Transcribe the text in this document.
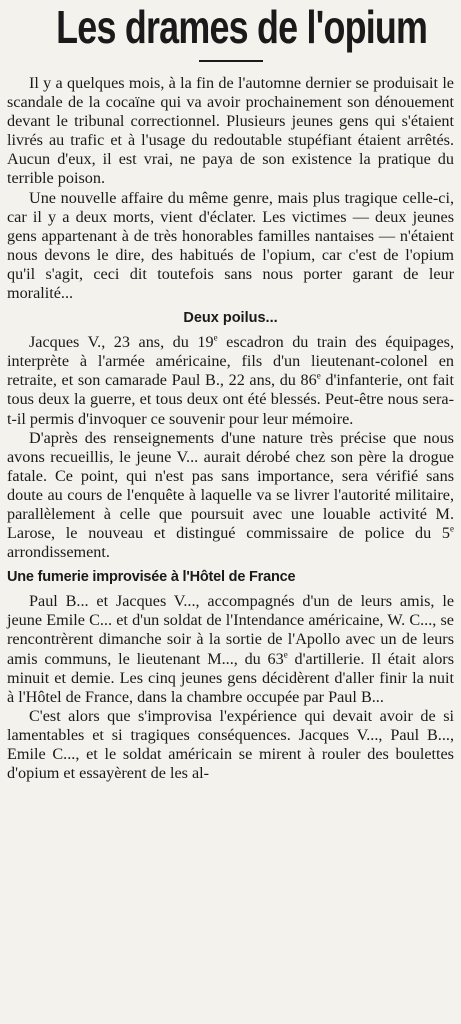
Les drames de l'opium

Il y a quelques mois, à la fin de l'automne dernier se produisait le scandale de la cocaïne qui va avoir prochainement son dénouement devant le tribunal correctionnel. Plusieurs jeunes gens qui s'étaient livrés au trafic et à l'usage du redoutable stupéfiant étaient arrêtés. Aucun d'eux, il est vrai, ne paya de son existence la pratique du terrible poison.

Une nouvelle affaire du même genre, mais plus tragique celle-ci, car il y a deux morts, vient d'éclater. Les victimes — deux jeunes gens appartenant à de très honorables familles nantaises — n'étaient nous devons le dire, des habitués de l'opium, car c'est de l'opium qu'il s'agit, ceci dit toutefois sans nous porter garant de leur moralité...

Deux poilus...

Jacques V., 23 ans, du 19e escadron du train des équipages, interprète à l'armée américaine, fils d'un lieutenant-colonel en retraite, et son camarade Paul B., 22 ans, du 86e d'infanterie, ont fait tous deux la guerre, et tous deux ont été blessés. Peut-être nous sera-t-il permis d'invoquer ce souvenir pour leur mémoire.

D'après des renseignements d'une nature très précise que nous avons recueillis, le jeune V... aurait dérobé chez son père la drogue fatale. Ce point, qui n'est pas sans importance, sera vérifié sans doute au cours de l'enquête à laquelle va se livrer l'autorité militaire, parallèlement à celle que poursuit avec une louable activité M. Larose, le nouveau et distingué commissaire de police du 5e arrondissement.

Une fumerie improvisée à l'Hôtel de France

Paul B... et Jacques V..., accompagnés d'un de leurs amis, le jeune Emile C... et d'un soldat de l'Intendance américaine, W. C..., se rencontrèrent dimanche soir à la sortie de l'Apollo avec un de leurs amis communs, le lieutenant M..., du 63e d'artillerie. Il était alors minuit et demie. Les cinq jeunes gens décidèrent d'aller finir la nuit à l'Hôtel de France, dans la chambre occupée par Paul B...

C'est alors que s'improvisa l'expérience qui devait avoir de si lamentables et si tragiques conséquences. Jacques V..., Paul B..., Emile C..., et le soldat américain se mirent à rouler des boulettes d'opium et essayèrent de les al-
